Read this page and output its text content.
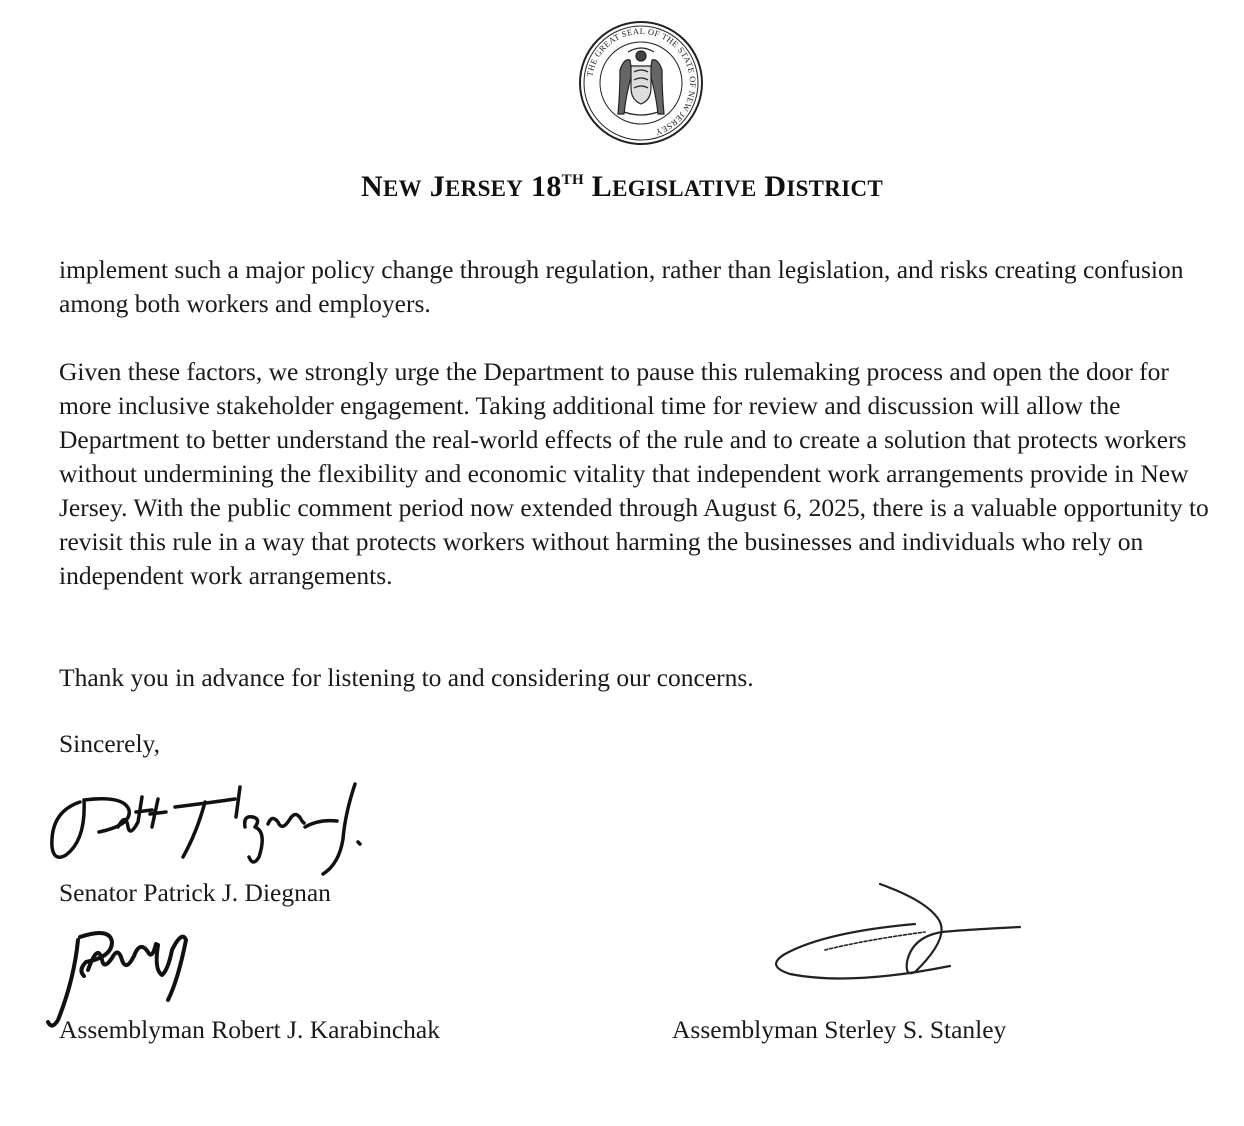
THE GREAT SEAL OF THE STATE OF NEW JERSEY
NEW JERSEY 18TH LEGISLATIVE DISTRICT

implement such a major policy change through regulation, rather than legislation, and risks creating confusion among both workers and employers.

Given these factors, we strongly urge the Department to pause this rulemaking process and open the door for more inclusive stakeholder engagement. Taking additional time for review and discussion will allow the Department to better understand the real-world effects of the rule and to create a solution that protects workers without undermining the flexibility and economic vitality that independent work arrangements provide in New Jersey. With the public comment period now extended through August 6, 2025, there is a valuable opportunity to revisit this rule in a way that protects workers without harming the businesses and individuals who rely on independent work arrangements.

Thank you in advance for listening to and considering our concerns.

Sincerely,
Senator Patrick J. Diegnan
Assemblyman Robert J. Karabinchak	Assemblyman Sterley S. Stanley
